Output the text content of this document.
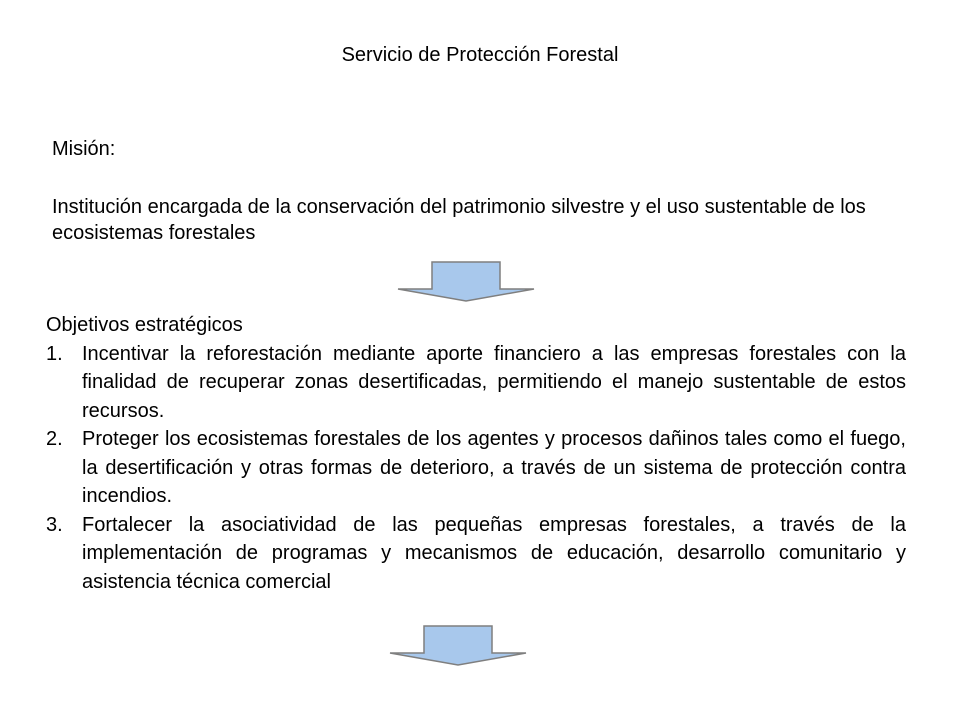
Servicio de Protección Forestal
Misión:
Institución encargada de la conservación del patrimonio silvestre y el uso sustentable de los ecosistemas forestales
Objetivos estratégicos
1. Incentivar la reforestación mediante aporte financiero a las empresas forestales con la finalidad de recuperar zonas desertificadas, permitiendo el manejo sustentable de estos recursos.
2. Proteger los ecosistemas forestales de los agentes y procesos dañinos tales como el fuego, la desertificación y otras formas de deterioro, a través de un sistema de protección contra incendios.
3. Fortalecer la asociatividad de las pequeñas empresas forestales, a través de la implementación de programas y mecanismos de educación, desarrollo comunitario y asistencia técnica comercial
